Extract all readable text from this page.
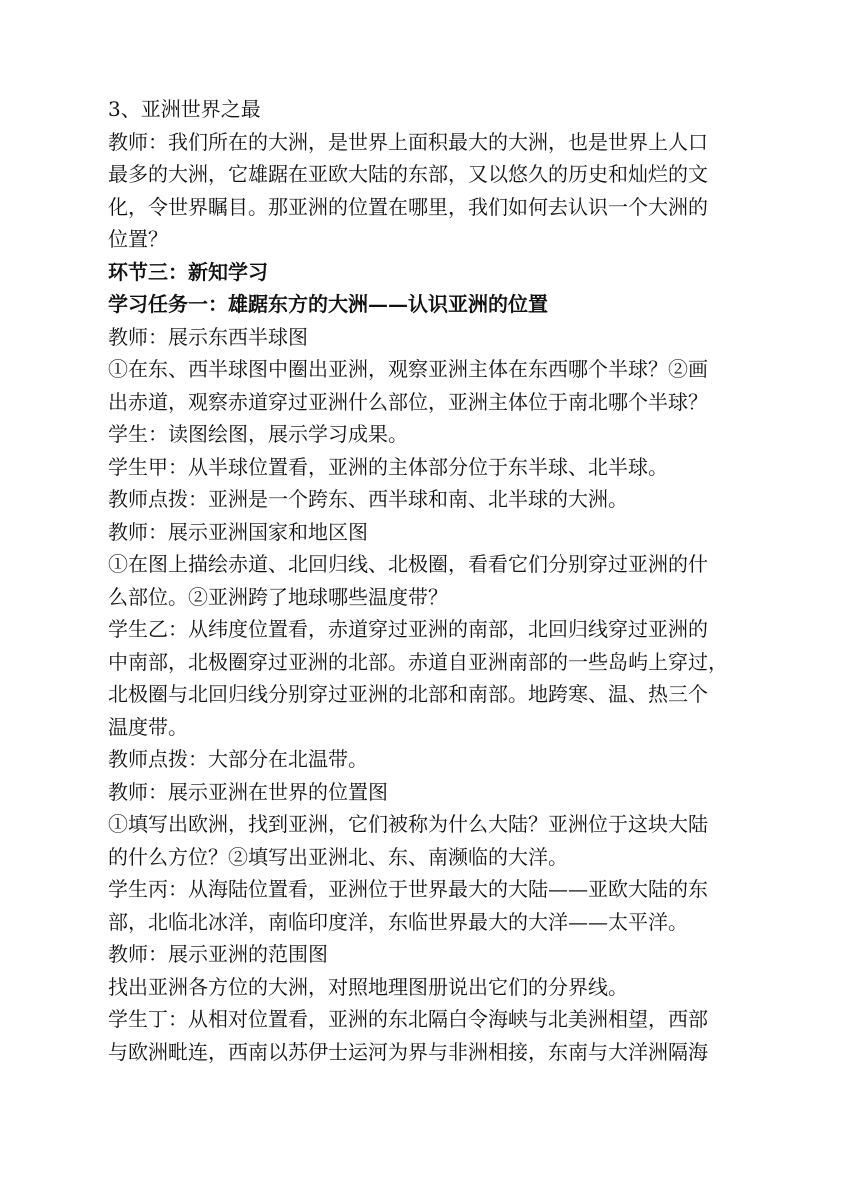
3、亚洲世界之最
教师：我们所在的大洲，是世界上面积最大的大洲，也是世界上人口
最多的大洲，它雄踞在亚欧大陆的东部，又以悠久的历史和灿烂的文
化，令世界瞩目。那亚洲的位置在哪里，我们如何去认识一个大洲的
位置？
环节三：新知学习
学习任务一：雄踞东方的大洲——认识亚洲的位置
教师：展示东西半球图
①在东、西半球图中圈出亚洲，观察亚洲主体在东西哪个半球？②画
出赤道，观察赤道穿过亚洲什么部位，亚洲主体位于南北哪个半球？
学生：读图绘图，展示学习成果。
学生甲：从半球位置看，亚洲的主体部分位于东半球、北半球。
教师点拨：亚洲是一个跨东、西半球和南、北半球的大洲。
教师：展示亚洲国家和地区图
①在图上描绘赤道、北回归线、北极圈，看看它们分别穿过亚洲的什
么部位。②亚洲跨了地球哪些温度带？
学生乙：从纬度位置看，赤道穿过亚洲的南部，北回归线穿过亚洲的
中南部，北极圈穿过亚洲的北部。赤道自亚洲南部的一些岛屿上穿过，
北极圈与北回归线分别穿过亚洲的北部和南部。地跨寒、温、热三个
温度带。
教师点拨：大部分在北温带。
教师：展示亚洲在世界的位置图
①填写出欧洲，找到亚洲，它们被称为什么大陆？亚洲位于这块大陆
的什么方位？②填写出亚洲北、东、南濒临的大洋。
学生丙：从海陆位置看，亚洲位于世界最大的大陆——亚欧大陆的东
部，北临北冰洋，南临印度洋，东临世界最大的大洋——太平洋。
教师：展示亚洲的范围图
找出亚洲各方位的大洲，对照地理图册说出它们的分界线。
学生丁：从相对位置看，亚洲的东北隔白令海峡与北美洲相望，西部
与欧洲毗连，西南以苏伊士运河为界与非洲相接，东南与大洋洲隔海
